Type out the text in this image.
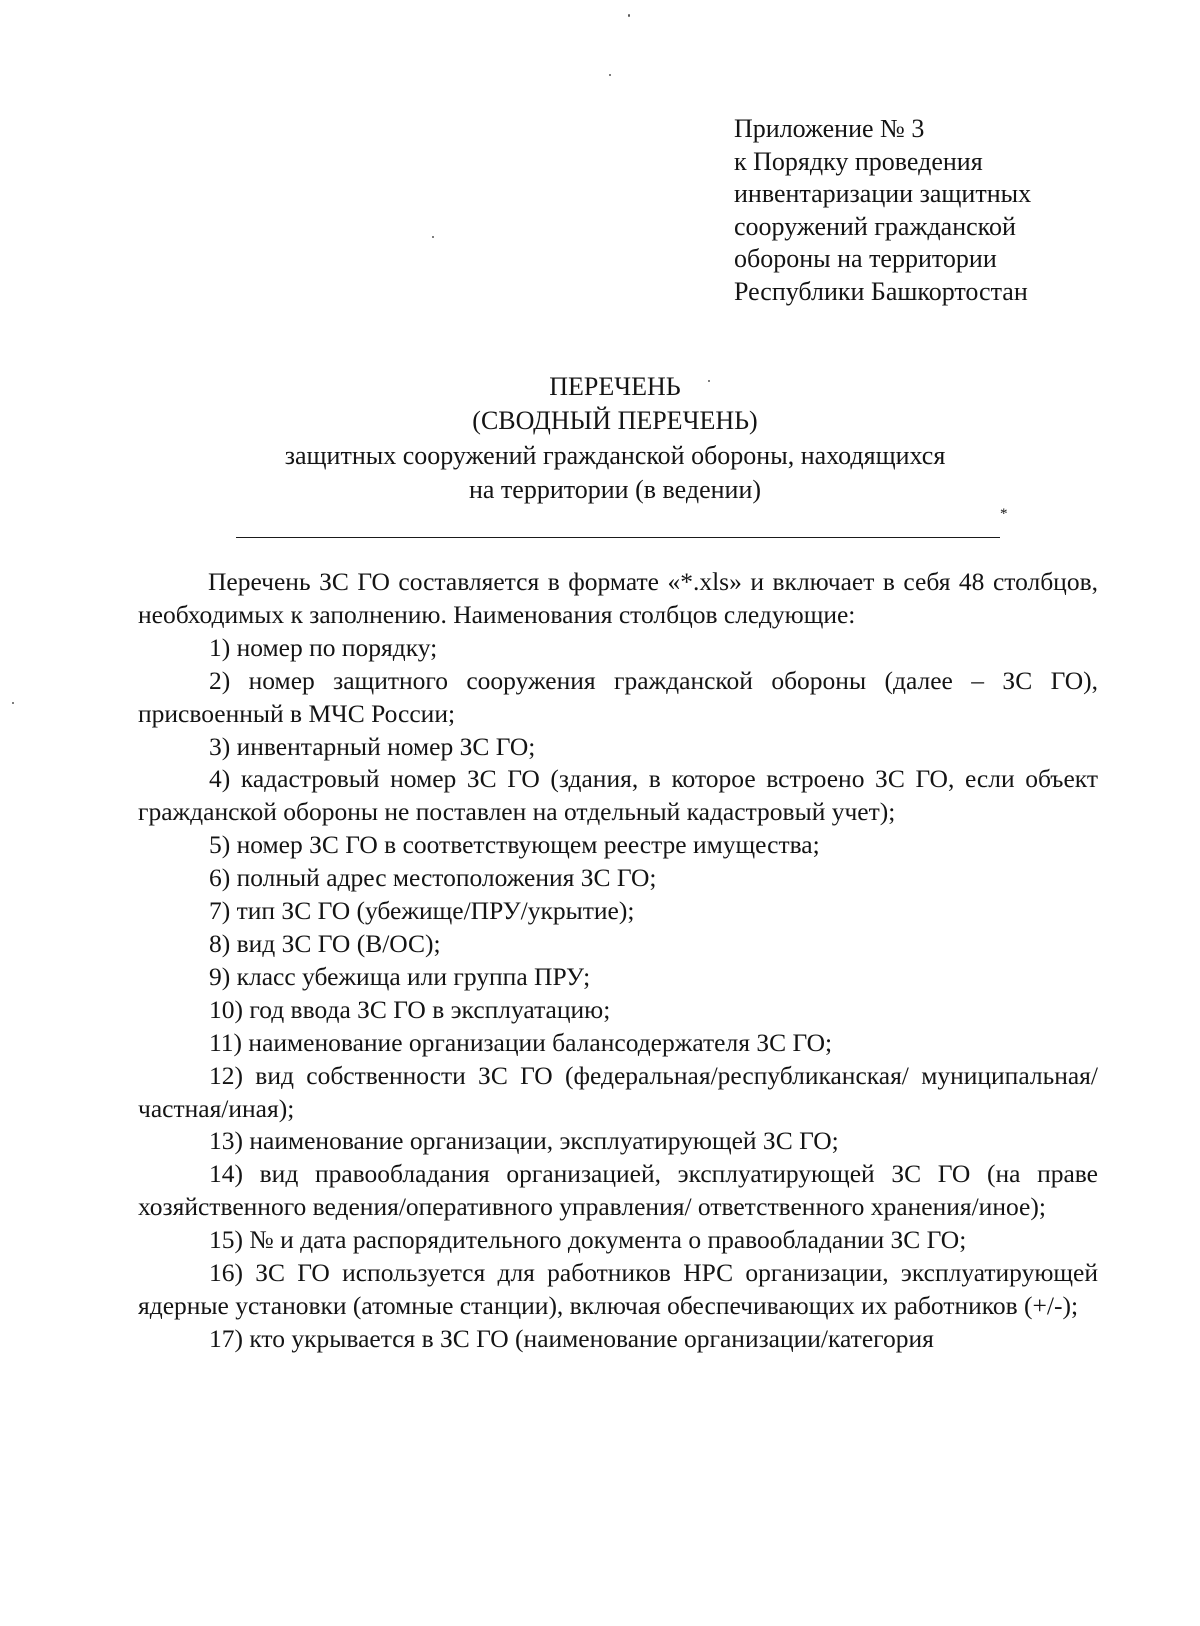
Приложение № 3
к Порядку проведения
инвентаризации защитных
сооружений гражданской
обороны на территории
Республики Башкортостан
ПЕРЕЧЕНЬ
(СВОДНЫЙ ПЕРЕЧЕНЬ)
защитных сооружений гражданской обороны, находящихся
на территории (в ведении)
*

Перечень ЗС ГО составляется в формате «*.xls» и включает в себя 48 столбцов, необходимых к заполнению. Наименования столбцов следующие:

1) номер по порядку;

2) номер защитного сооружения гражданской обороны (далее – ЗС ГО), присвоенный в МЧС России;

3) инвентарный номер ЗС ГО;

4) кадастровый номер ЗС ГО (здания, в которое встроено ЗС ГО, если объект гражданской обороны не поставлен на отдельный кадастровый учет);

5) номер ЗС ГО в соответствующем реестре имущества;

6) полный адрес местоположения ЗС ГО;

7) тип ЗС ГО (убежище/ПРУ/укрытие);

8) вид ЗС ГО (В/ОС);

9) класс убежища или группа ПРУ;

10) год ввода ЗС ГО в эксплуатацию;

11) наименование организации балансодержателя ЗС ГО;

12) вид собственности ЗС ГО (федеральная/республиканская/ муниципальная/частная/иная);

13) наименование организации, эксплуатирующей ЗС ГО;

14) вид правообладания организацией, эксплуатирующей ЗС ГО (на праве хозяйственного ведения/оперативного управления/ ответственного хранения/иное);

15) № и дата распорядительного документа о правообладании ЗС ГО;

16) ЗС ГО используется для работников НРС организации, эксплуатирующей ядерные установки (атомные станции), включая обеспечивающих их работников (+/-);

17) кто укрывается в ЗС ГО (наименование организации/категория
